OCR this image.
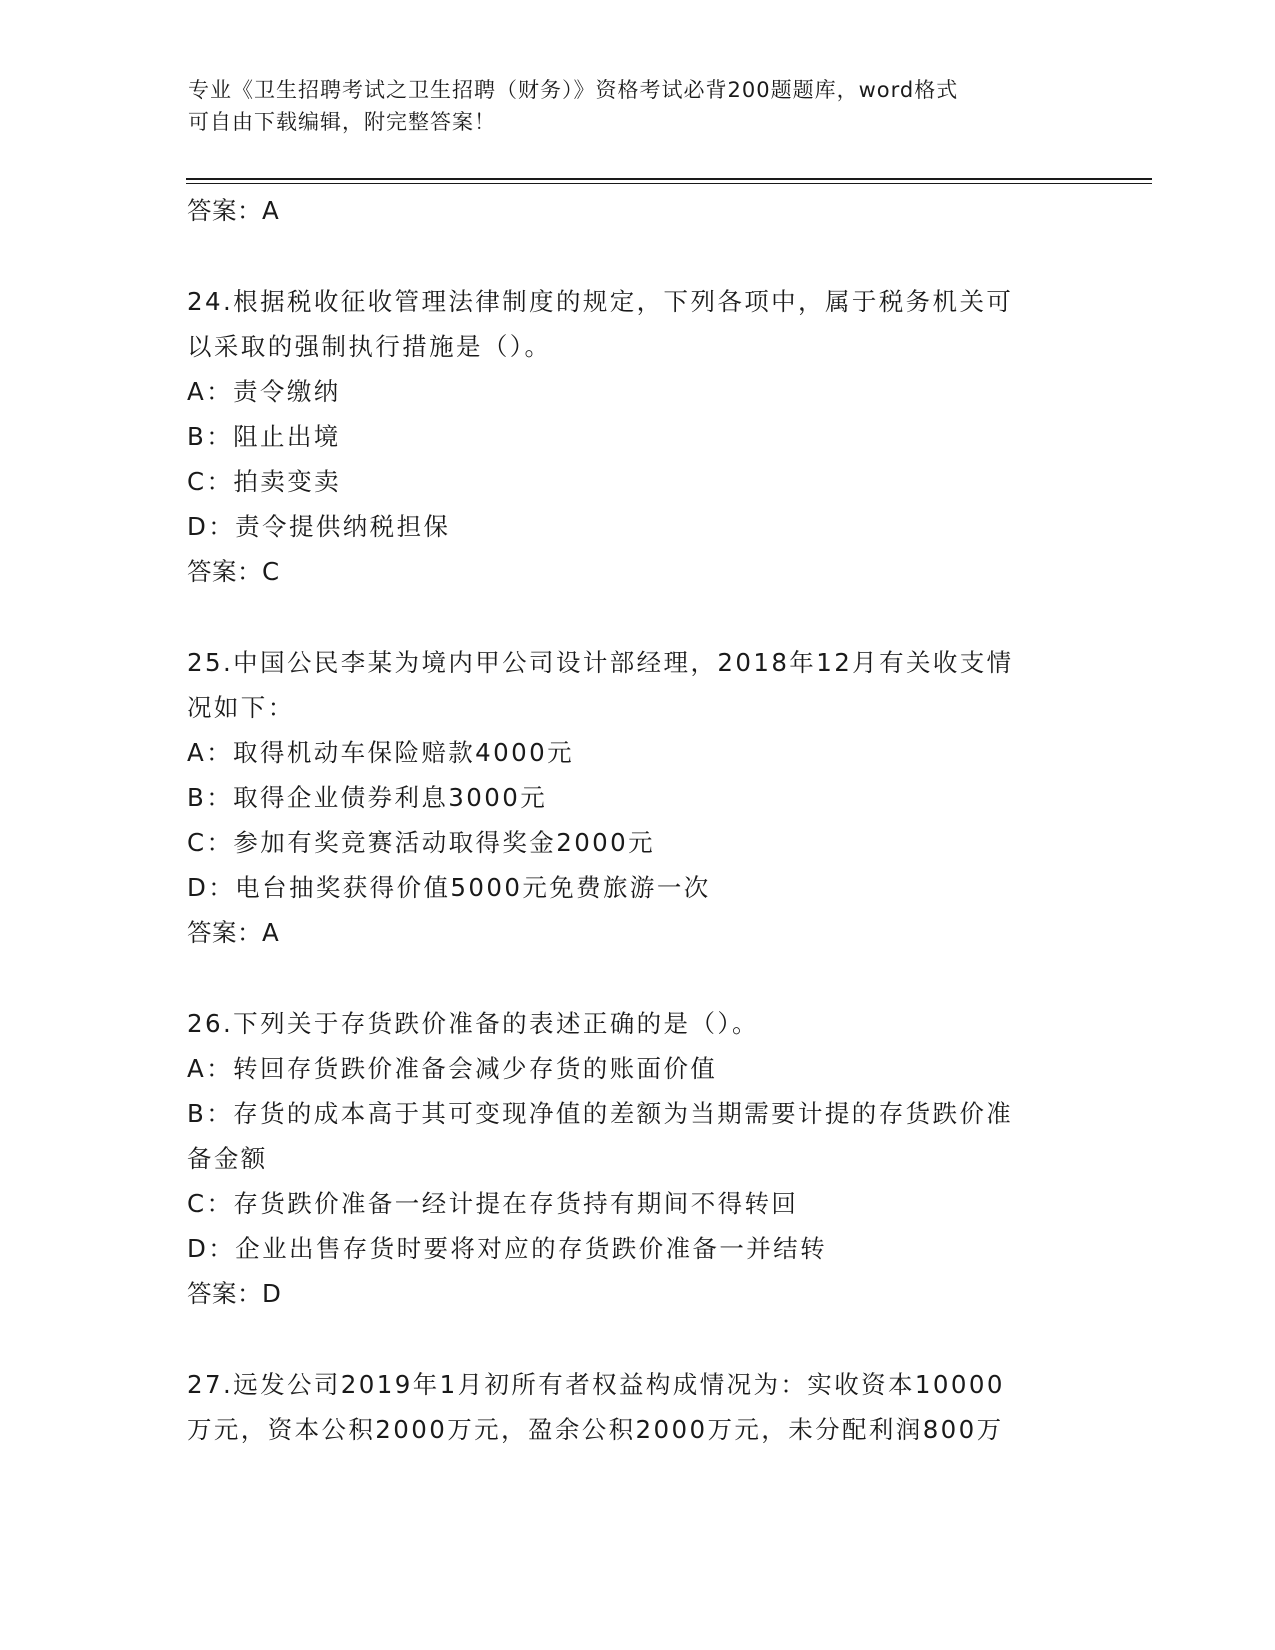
专业《卫生招聘考试之卫生招聘（财务）》资格考试必背200题题库，word格式
可自由下载编辑，附完整答案！
答案：A
24.根据税收征收管理法律制度的规定，下列各项中，属于税务机关可
以采取的强制执行措施是（）。
A：责令缴纳
B：阻止出境
C：拍卖变卖
D：责令提供纳税担保
答案：C
25.中国公民李某为境内甲公司设计部经理，2018年12月有关收支情
况如下：
A：取得机动车保险赔款4000元
B：取得企业债券利息3000元
C：参加有奖竞赛活动取得奖金2000元
D：电台抽奖获得价值5000元免费旅游一次
答案：A
26.下列关于存货跌价准备的表述正确的是（）。
A：转回存货跌价准备会减少存货的账面价值
B：存货的成本高于其可变现净值的差额为当期需要计提的存货跌价准
备金额
C：存货跌价准备一经计提在存货持有期间不得转回
D：企业出售存货时要将对应的存货跌价准备一并结转
答案：D
27.远发公司2019年1月初所有者权益构成情况为：实收资本10000
万元，资本公积2000万元，盈余公积2000万元，未分配利润800万
